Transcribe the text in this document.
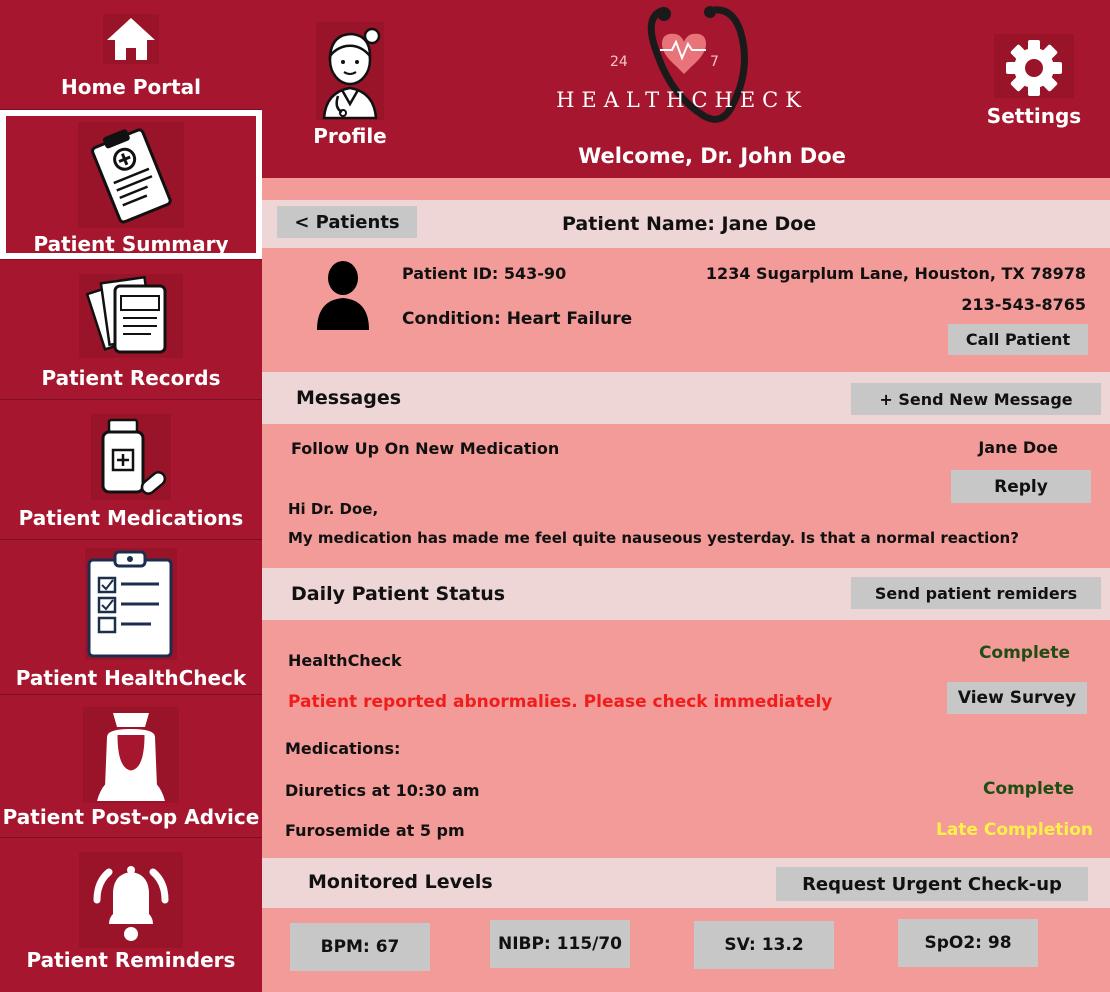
Home Portal
Patient Summary
Patient Records
Patient Medications
Patient HealthCheck
Patient Post-op Advice
Patient Reminders
Profile
24	7
HEALTHCHECK
Settings
Welcome, Dr. John Doe
< Patients	Patient Name: Jane Doe
Patient ID: 543-90
Condition: Heart Failure
1234 Sugarplum Lane, Houston, TX 78978
213-543-8765
Call Patient
Messages	+ Send New Message
Follow Up On New Medication	Jane Doe
Reply
Hi Dr. Doe,
My medication has made me feel quite nauseous yesterday. Is that a normal reaction?
Daily Patient Status	Send patient remiders
HealthCheck	Complete
Patient reported abnormalies. Please check immediately	View Survey
Medications:
Diuretics at 10:30 am	Complete
Furosemide at 5 pm	Late Completion
Monitored Levels	Request Urgent Check-up
BPM: 67	NIBP: 115/70	SV: 13.2	SpO2: 98
